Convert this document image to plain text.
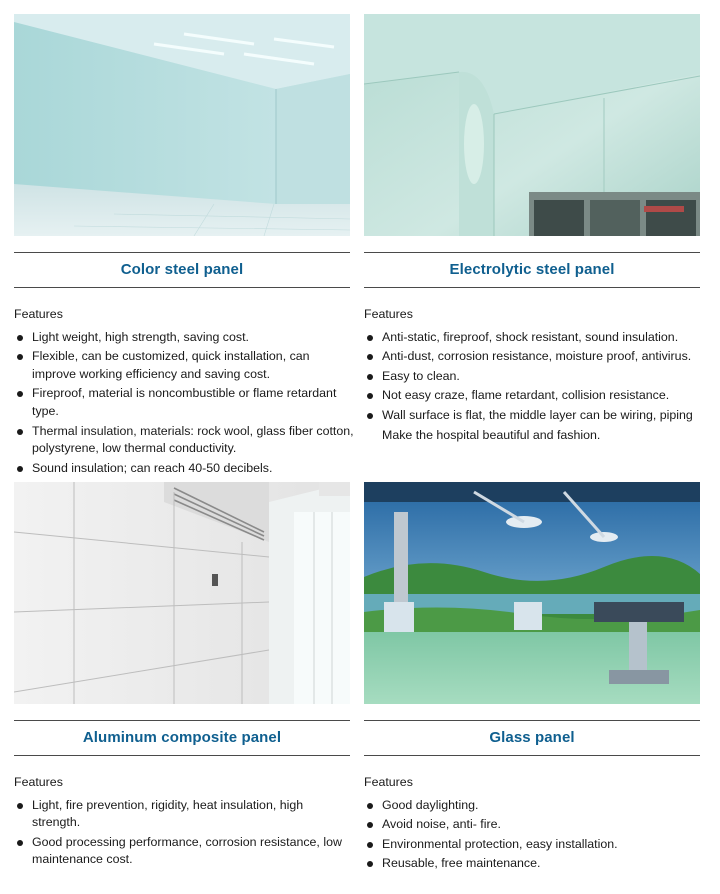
Color steel panel
Features
Light weight, high strength, saving cost.
Flexible, can be customized, quick installation, can improve working efficiency and saving cost.
Fireproof, material is noncombustible or flame retardant type.
Thermal insulation, materials: rock wool, glass fiber cotton, polystyrene, low thermal conductivity.
Sound insulation; can reach 40-50 decibels.
Electrolytic steel panel
Features
Anti-static, fireproof, shock resistant, sound insulation.
Anti-dust, corrosion resistance, moisture proof, antivirus.
Easy to clean.
Not easy craze, flame retardant, collision resistance.
Wall surface is flat, the middle layer can be wiring, piping
Make the hospital beautiful and fashion.
Aluminum composite panel
Features
Light, fire prevention, rigidity, heat insulation, high strength.
Good processing performance, corrosion resistance, low maintenance cost.
Glass panel
Features
Good daylighting.
Avoid noise, anti- fire.
Environmental protection, easy installation.
Reusable, free maintenance.
